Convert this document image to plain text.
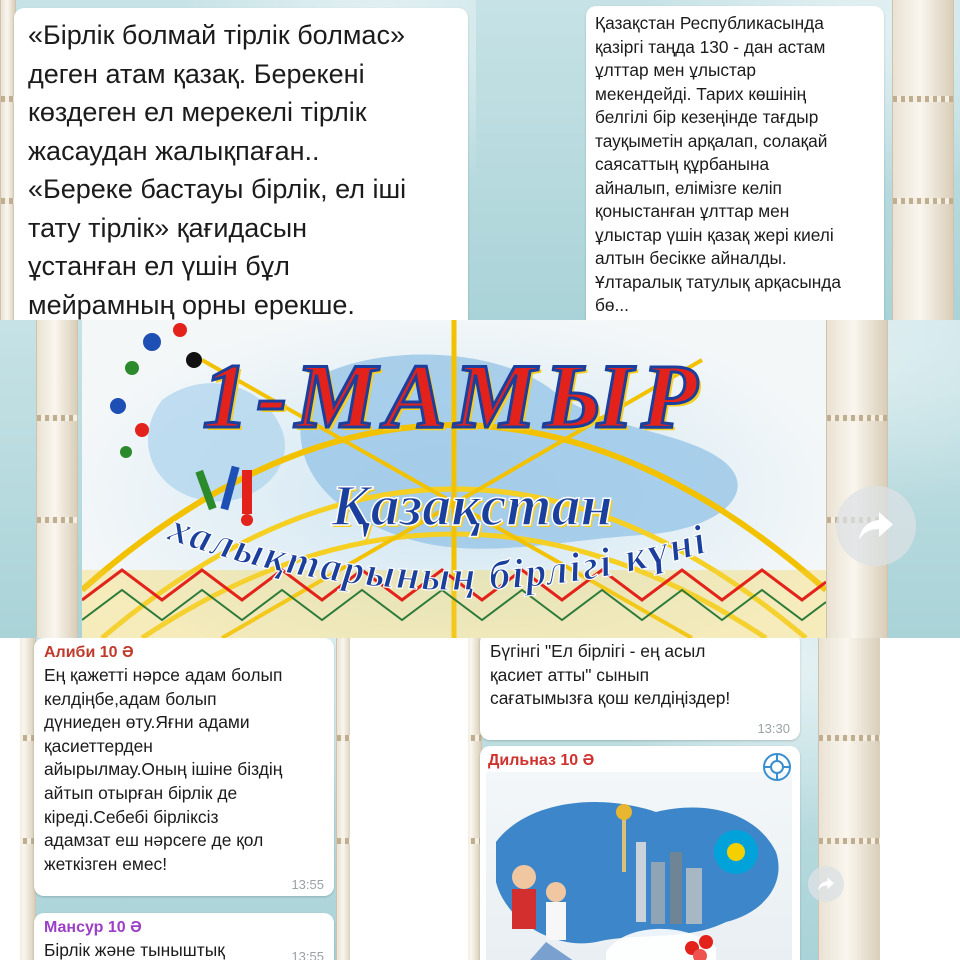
«Бірлік болмай тірлік болмас»
деген атам қазақ. Берекені
көздеген ел мерекелі тірлік
жасаудан жалықпаған..
«Береке бастауы бірлік, ел іші
тату тірлік» қағидасын
ұстанған ел үшін бұл
мейрамның орны ерекше.
Қазақстан Республикасында
қазіргі таңда 130 - дан астам
ұлттар мен ұлыстар
мекендейді. Тарих көшінің
белгілі бір кезеңінде тағдыр
тауқыметін арқалап, солақай
саясаттың құрбанына
айналып, елімізге келіп
қоныстанған ұлттар мен
ұлыстар үшін қазақ жері киелі
алтын бесікке айналды.
Ұлтаралық татулық арқасында
бө...
1-МАМЫР
Қазақстан
халықтарының бірлігі күні
Алиби 10 Ә
Ең қажетті нәрсе адам болып
келдіңбе,адам болып
дүниеден өту.Яғни адами
қасиеттерден
айырылмау.Оның ішіне біздің
айтып отырған бірлік де
кіреді.Себебі бірліксіз
адамзат еш нәрсеге де қол
жеткізген емес!
13:55
Мансур 10 Ә
Бірлік және тыныштық	13:55
Бүгінгі "Ел бірлігі - ең асыл
қасиет атты" сынып
сағатымызға қош келдіңіздер!
13:30
Дильназ 10 Ә
